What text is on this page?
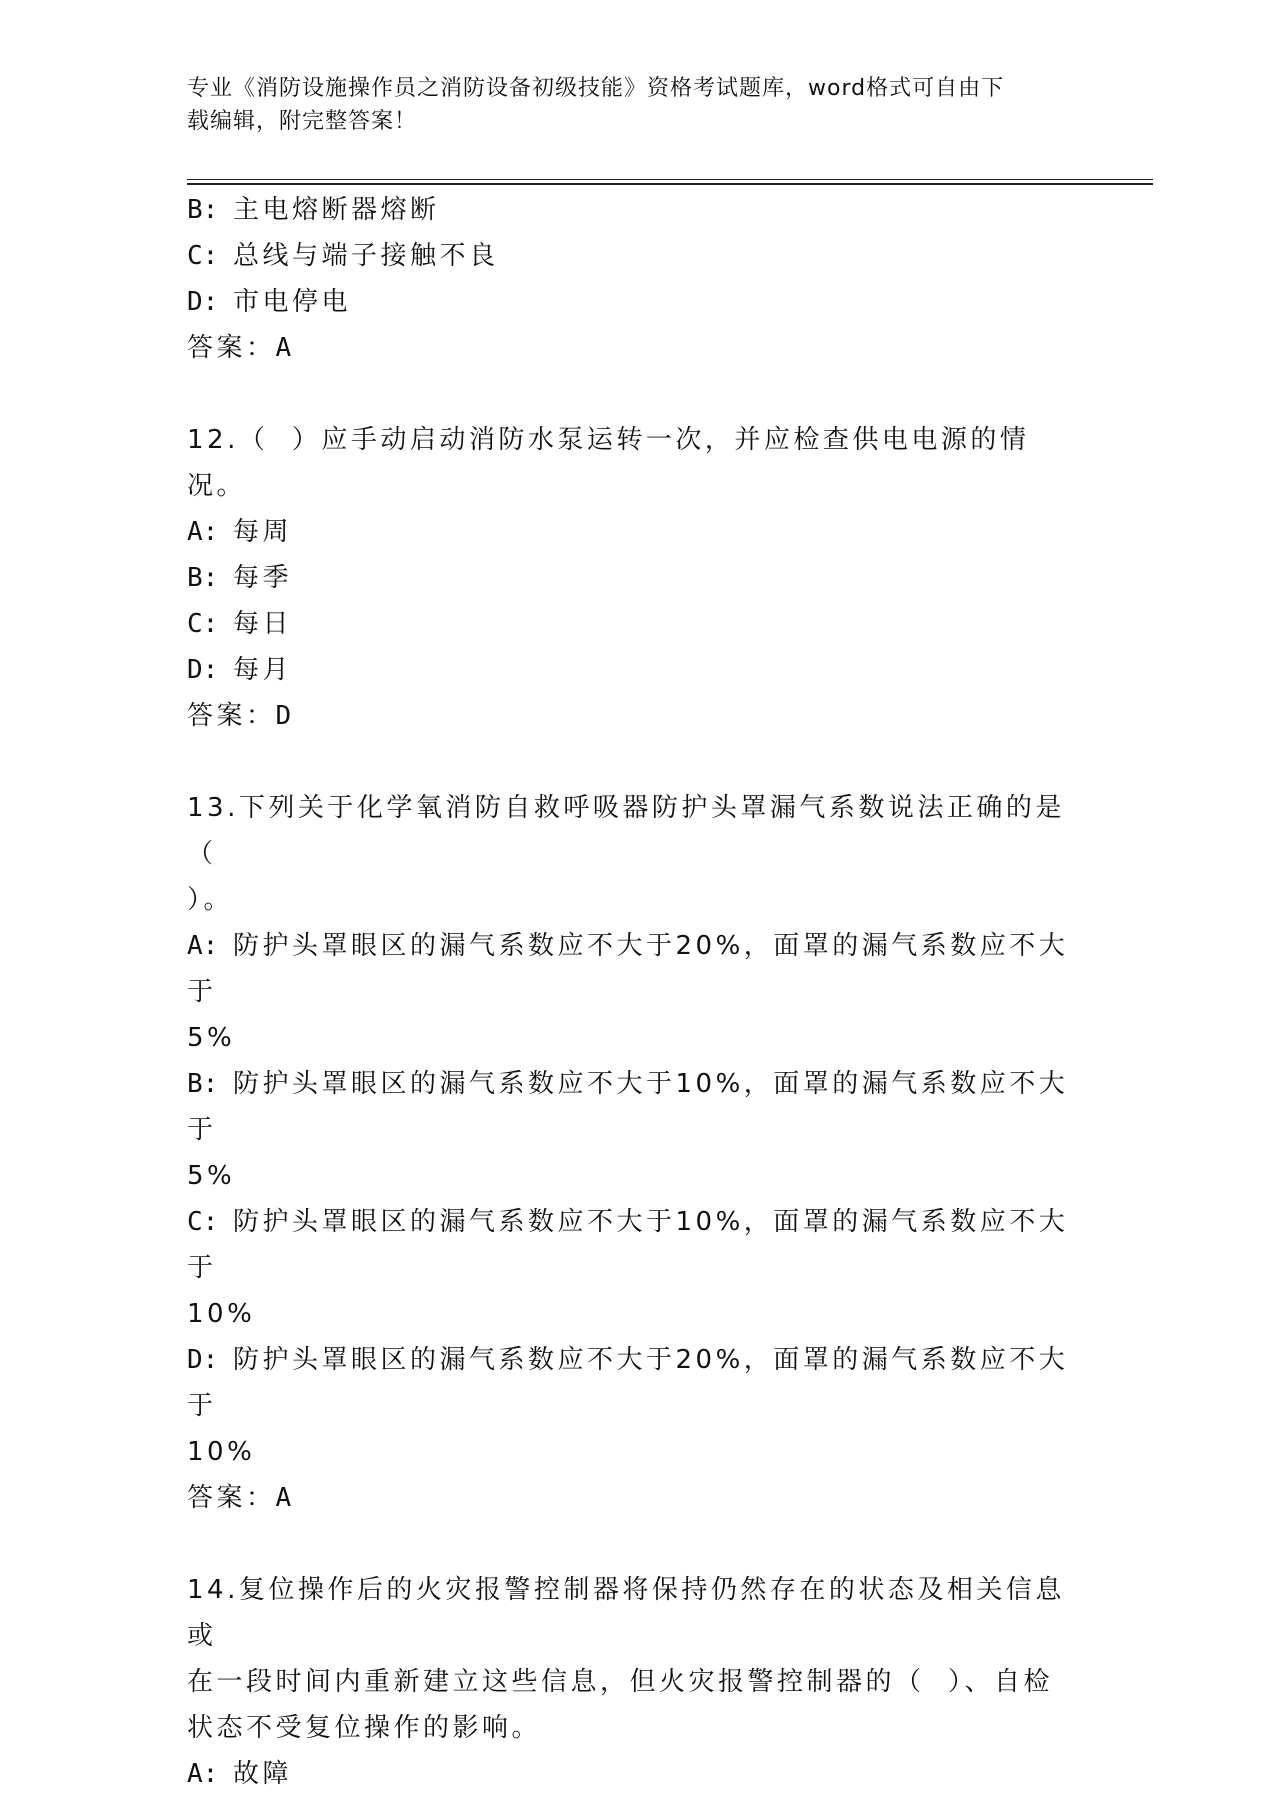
专业《消防设施操作员之消防设备初级技能》资格考试题库，word格式可自由下
载编辑，附完整答案！
B: 主电熔断器熔断
C: 总线与端子接触不良
D: 市电停电
答案：A
12.（  ）应手动启动消防水泵运转一次，并应检查供电电源的情况。
A: 每周
B: 每季
C: 每日
D: 每月
答案：D
13.下列关于化学氧消防自救呼吸器防护头罩漏气系数说法正确的是（
）。
A: 防护头罩眼区的漏气系数应不大于20%，面罩的漏气系数应不大于
5%
B: 防护头罩眼区的漏气系数应不大于10%，面罩的漏气系数应不大于
5%
C: 防护头罩眼区的漏气系数应不大于10%，面罩的漏气系数应不大于
10%
D: 防护头罩眼区的漏气系数应不大于20%，面罩的漏气系数应不大于
10%
答案：A
14.复位操作后的火灾报警控制器将保持仍然存在的状态及相关信息或
在一段时间内重新建立这些信息，但火灾报警控制器的（  ）、自检
状态不受复位操作的影响。
A: 故障
